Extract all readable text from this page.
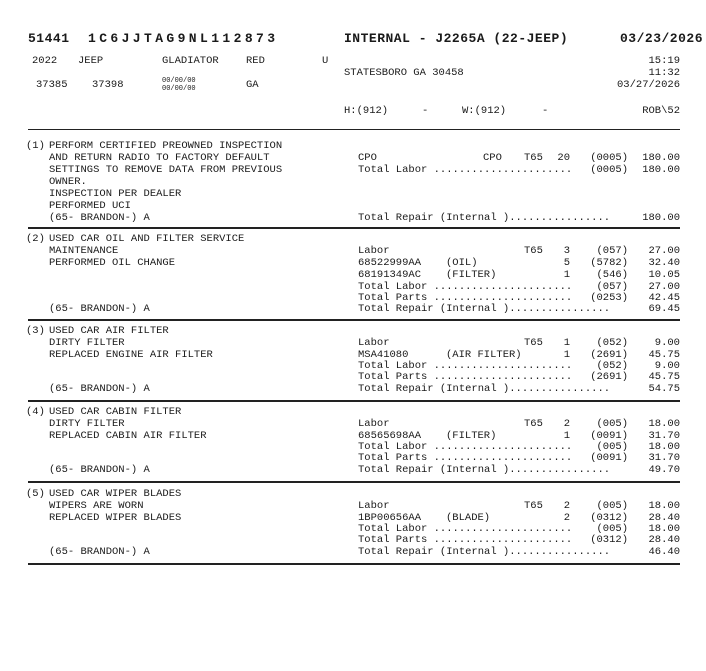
51441 1C6JJTAG9NL112873	INTERNAL - J2265A (22-JEEP)	03/23/2026
2022 JEEP	GLADIATOR	RED	U	15:19
11:32
03/27/2026
STATESBORO GA 30458
37385 37398	00/00/00
00/00/00	GA
H:(912)	-	W:(912)	-	ROB\52
(1) PERFORM CERTIFIED PREOWNED INSPECTION
AND RETURN RADIO TO FACTORY DEFAULT
SETTINGS TO REMOVE DATA FROM PREVIOUS
OWNER.
INSPECTION PER DEALER
PERFORMED UCI
(65- BRANDON-) A
CPO	CPO T65	20	(0005)	180.00
Total Labor ......................	(0005)	180.00
Total Repair (Internal )................	180.00
(2) USED CAR OIL AND FILTER SERVICE
MAINTENANCE
PERFORMED OIL CHANGE
(65- BRANDON-) A
Labor	T65	3	(057)	27.00
68522999AA (OIL)	5	(5782)	32.40
68191349AC (FILTER)	1	(546)	10.05
Total Labor ......................	(057)	27.00
Total Parts ......................	(0253)	42.45
Total Repair (Internal )................	69.45
(3) USED CAR AIR FILTER
DIRTY FILTER
REPLACED ENGINE AIR FILTER
(65- BRANDON-) A
Labor	T65	1	(052)	9.00
MSA41080	(AIR FILTER)	1	(2691)	45.75
Total Labor ......................	(052)	9.00
Total Parts ......................	(2691)	45.75
Total Repair (Internal )................	54.75
(4) USED CAR CABIN FILTER
DIRTY FILTER
REPLACED CABIN AIR FILTER
(65- BRANDON-) A
Labor	T65	2	(005)	18.00
68565698AA (FILTER)	1	(0091)	31.70
Total Labor ......................	(005)	18.00
Total Parts ......................	(0091)	31.70
Total Repair (Internal )................	49.70
(5) USED CAR WIPER BLADES
WIPERS ARE WORN
REPLACED WIPER BLADES
(65- BRANDON-) A
Labor	T65	2	(005)	18.00
1BP00656AA (BLADE)	2	(0312)	28.40
Total Labor ......................	(005)	18.00
Total Parts ......................	(0312)	28.40
Total Repair (Internal )................	46.40
